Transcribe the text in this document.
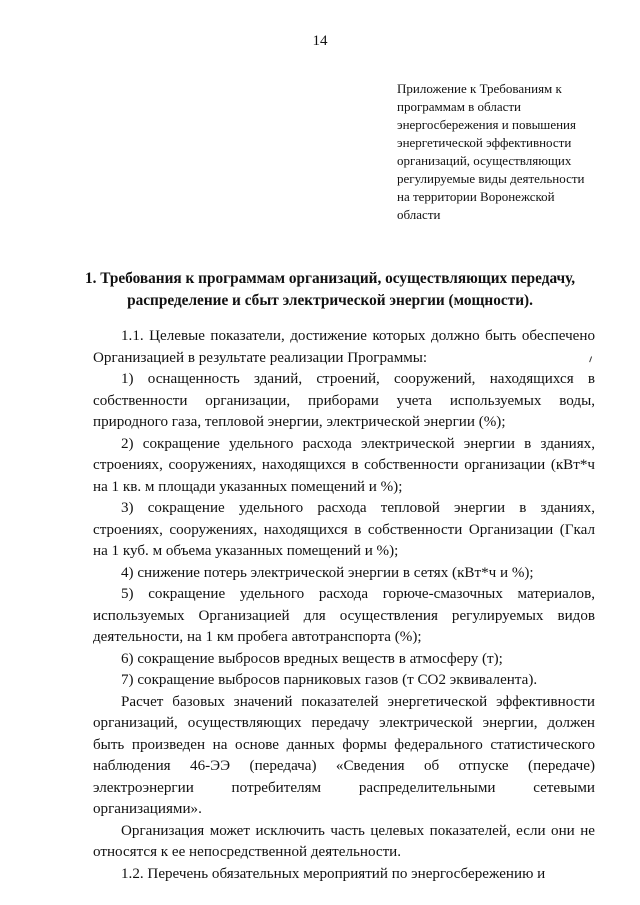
14
Приложение к Требованиям к
программам в области
энергосбережения и повышения
энергетической эффективности
организаций, осуществляющих
регулируемые виды деятельности
на территории Воронежской
области
1. Требования к программам организаций, осуществляющих передачу,
распределение и сбыт электрической энергии (мощности).
1.1. Целевые показатели, достижение которых должно быть обеспечено
Организацией в результате реализации Программы:
1) оснащенность зданий, строений, сооружений, находящихся в
собственности организации, приборами учета используемых воды,
природного газа, тепловой энергии, электрической энергии (%);
2) сокращение удельного расхода электрической энергии в зданиях,
строениях, сооружениях, находящихся в собственности организации (кВт*ч
на 1 кв. м площади указанных помещений и %);
3) сокращение удельного расхода тепловой энергии в зданиях,
строениях, сооружениях, находящихся в собственности Организации (Гкал
на 1 куб. м объема указанных помещений и %);
4) снижение потерь электрической энергии в сетях (кВт*ч и %);
5) сокращение удельного расхода горюче-смазочных материалов,
используемых Организацией для осуществления регулируемых видов
деятельности, на 1 км пробега автотранспорта (%);
6) сокращение выбросов вредных веществ в атмосферу (т);
7) сокращение выбросов парниковых газов (т СО2 эквивалента).
Расчет базовых значений показателей энергетической эффективности
организаций, осуществляющих передачу электрической энергии, должен
быть произведен на основе данных формы федерального статистического
наблюдения 46-ЭЭ (передача) «Сведения об отпуске (передаче)
электроэнергии потребителям распределительными сетевыми
организациями».
Организация может исключить часть целевых показателей, если они не
относятся к ее непосредственной деятельности.
1.2. Перечень обязательных мероприятий по энергосбережению и
